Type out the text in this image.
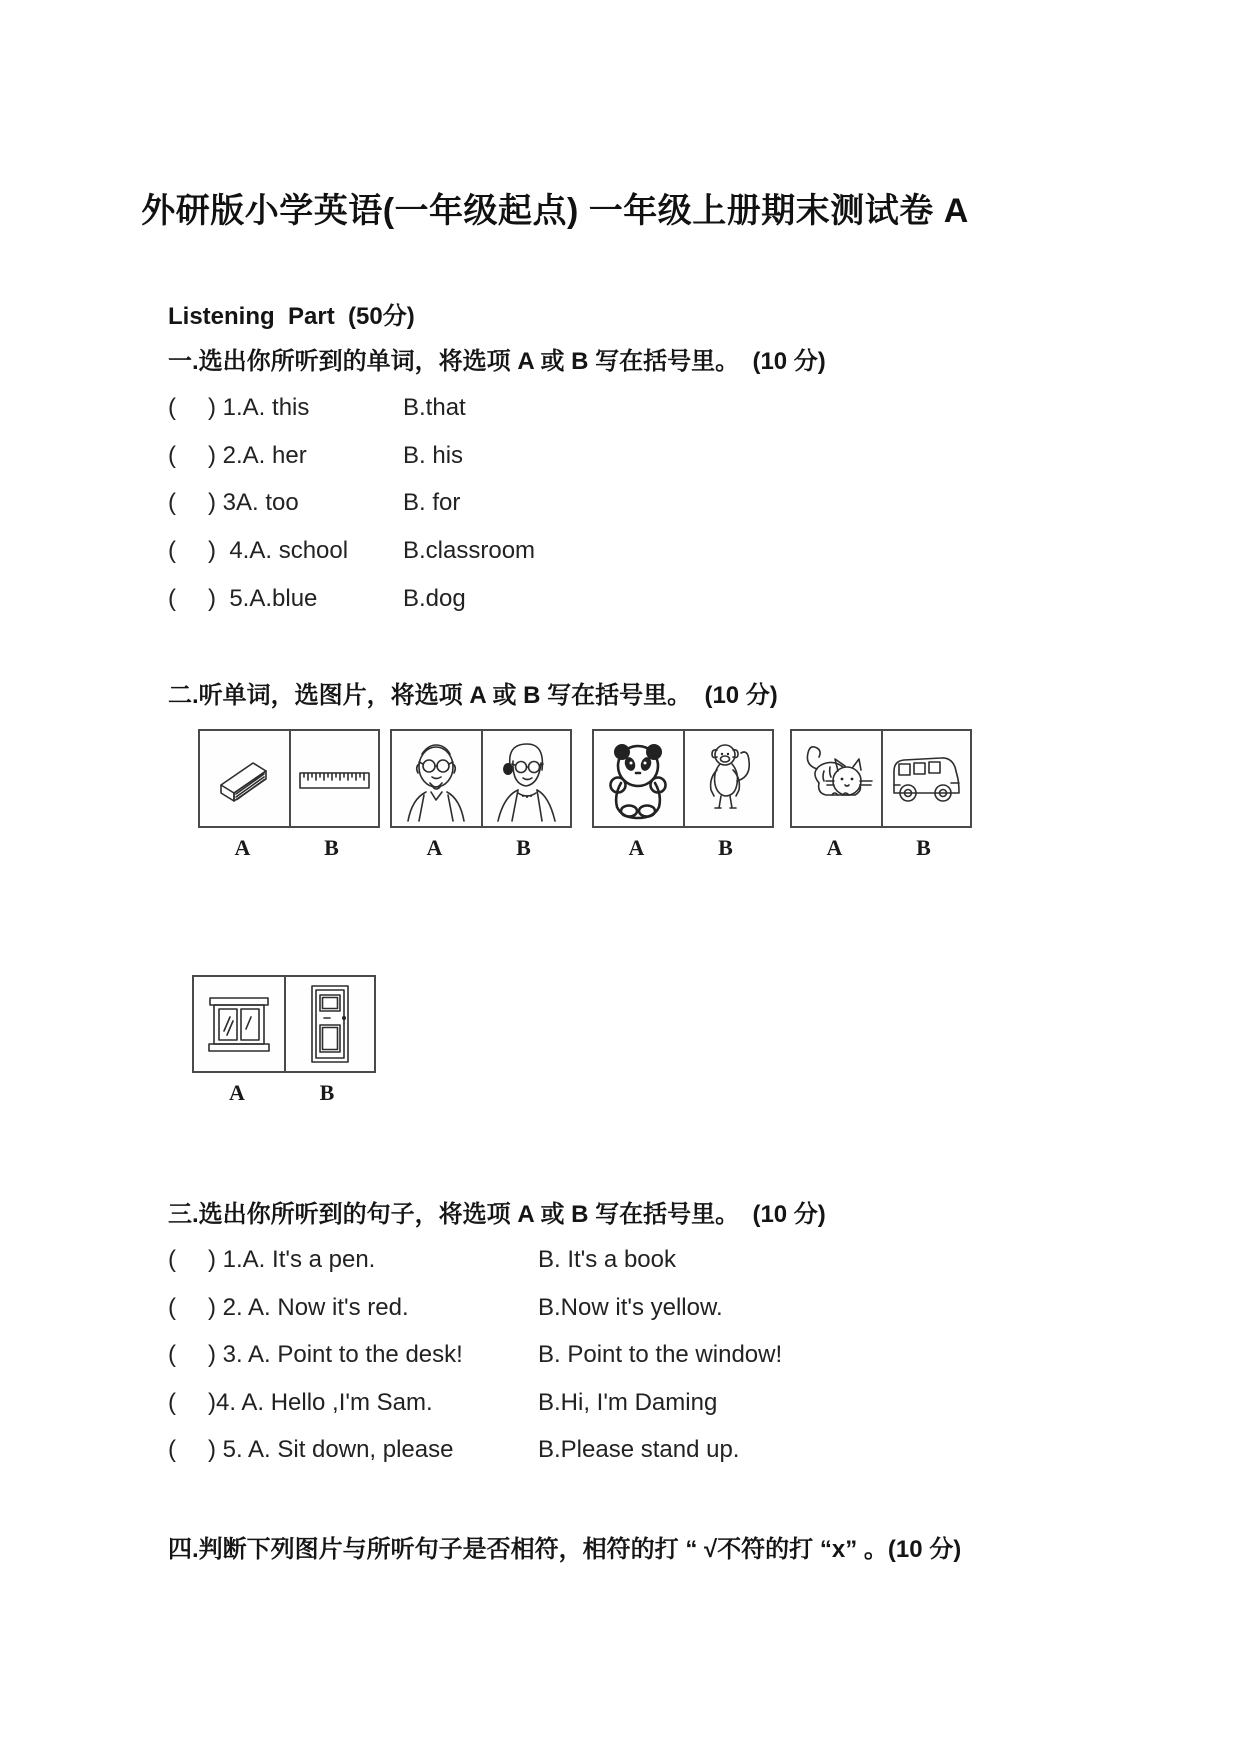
外研版小学英语(一年级起点) 一年级上册期末测试卷 A
Listening  Part  (50分)
一.选出你所听到的单词，将选项 A 或 B 写在括号里。  (10 分)
(	) 1.A. this	B.that
(	) 2.A. her	B. his
(	) 3A. too	B. for
(	)  4.A. school	B.classroom
(	)  5.A.blue	B.dog
二.听单词，选图片，将选项 A 或 B 写在括号里。  (10 分)
A	B	A	B	A	B	A	B
A	B
三.选出你所听到的句子，将选项 A 或 B 写在括号里。  (10 分)
(	) 1.A. It's a pen.	B. It's a book
(	) 2. A. Now it's red.	B.Now it's yellow.
(	) 3. A. Point to the desk!	B. Point to the window!
(	)4. A. Hello ,I'm Sam.	B.Hi, I'm Daming
(	) 5. A. Sit down, please	B.Please stand up.
四.判断下列图片与所听句子是否相符，相符的打 “ √不符的打 “x” 。(10 分)
